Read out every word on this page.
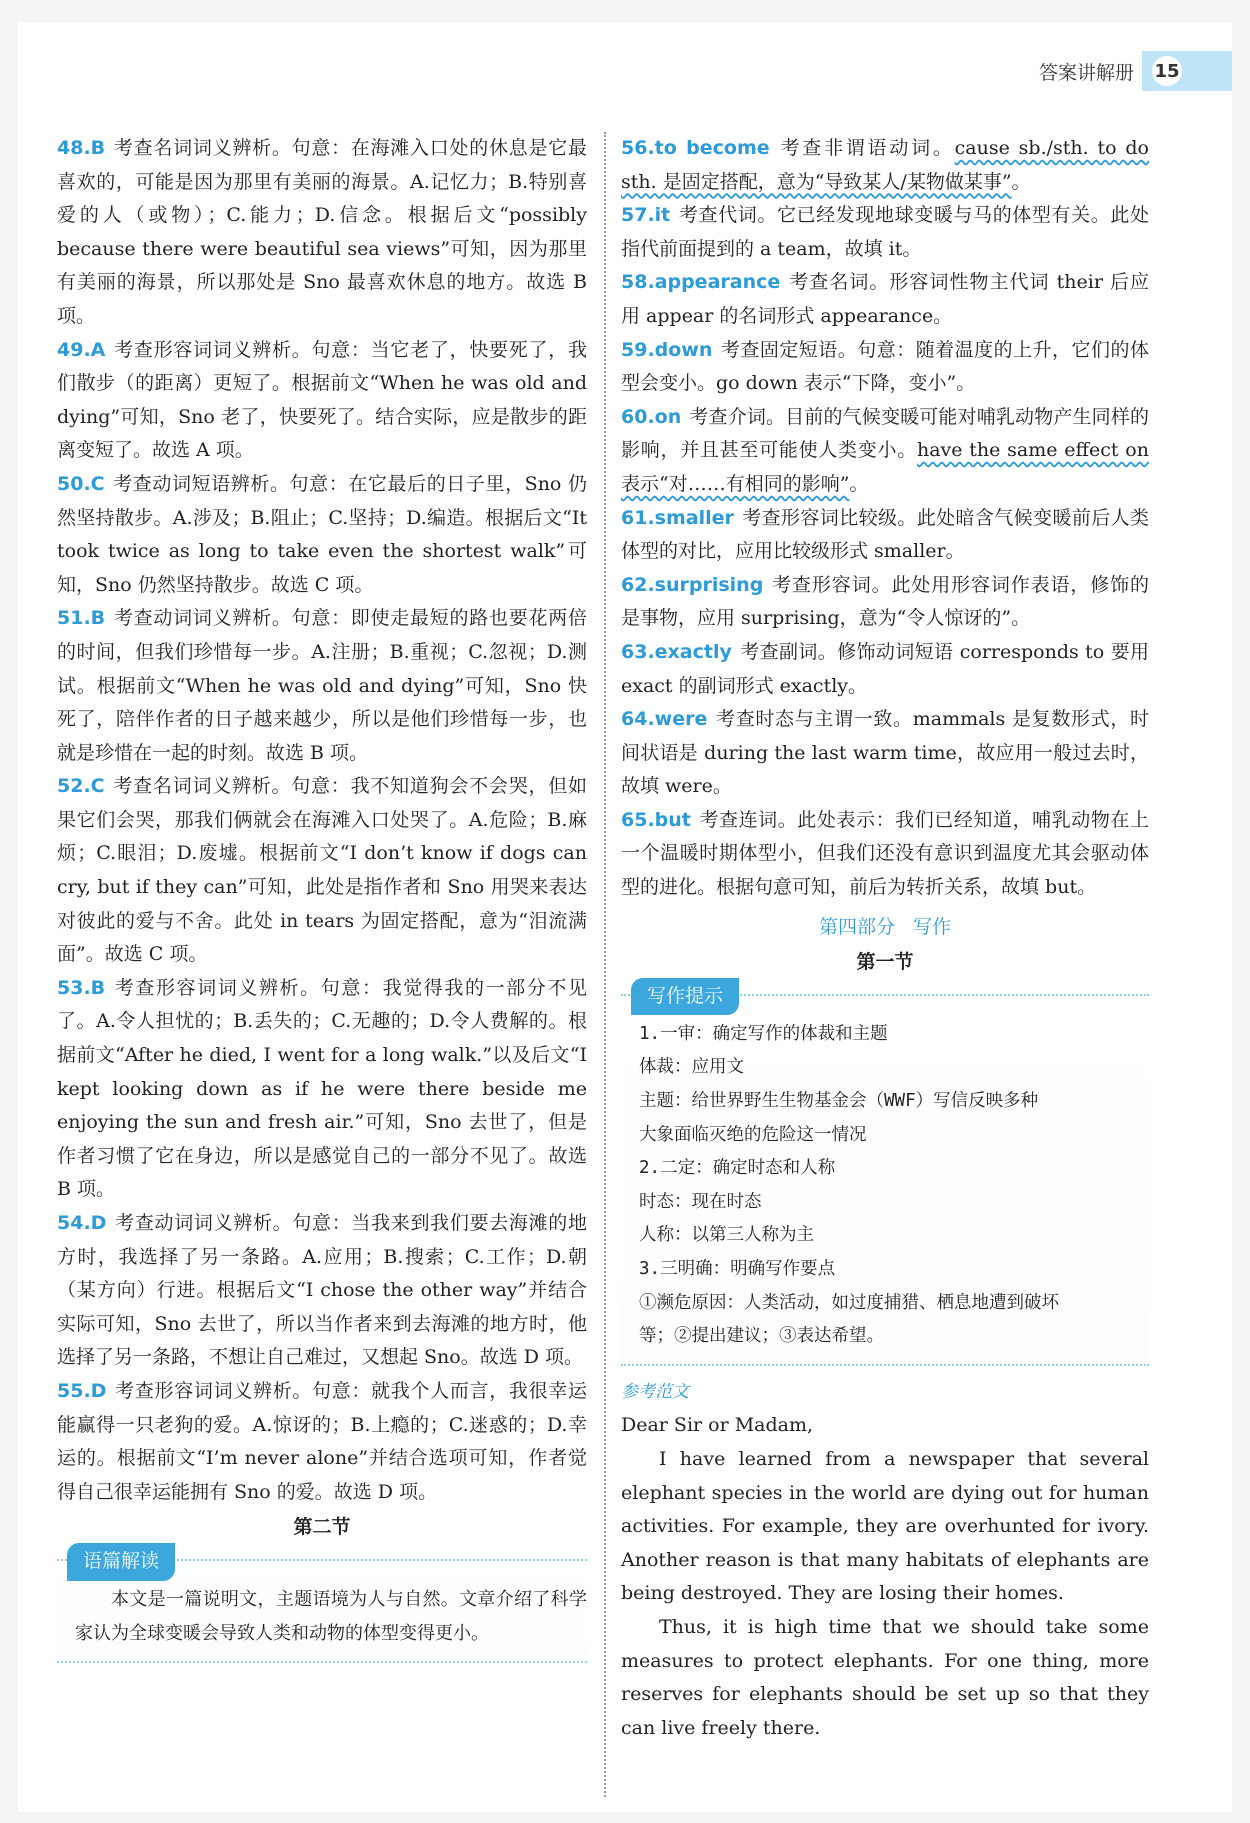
答案讲解册 15
48.B 考查名词词义辨析。句意：在海滩入口处的休息是它最喜欢的，可能是因为那里有美丽的海景。A.记忆力；B.特别喜爱的人（或物）；C.能力；D.信念。根据后文“possibly because there were beautiful sea views”可知，因为那里有美丽的海景，所以那处是 Sno 最喜欢休息的地方。故选 B 项。
49.A 考查形容词词义辨析。句意：当它老了，快要死了，我们散步（的距离）更短了。根据前文“When he was old and dying”可知，Sno 老了，快要死了。结合实际，应是散步的距离变短了。故选 A 项。
50.C 考查动词短语辨析。句意：在它最后的日子里，Sno 仍然坚持散步。A.涉及；B.阻止；C.坚持；D.编造。根据后文“It took twice as long to take even the shortest walk”可知，Sno 仍然坚持散步。故选 C 项。
51.B 考查动词词义辨析。句意：即使走最短的路也要花两倍的时间，但我们珍惜每一步。A.注册；B.重视；C.忽视；D.测试。根据前文“When he was old and dying”可知，Sno 快死了，陪伴作者的日子越来越少，所以是他们珍惜每一步，也就是珍惜在一起的时刻。故选 B 项。
52.C 考查名词词义辨析。句意：我不知道狗会不会哭，但如果它们会哭，那我们俩就会在海滩入口处哭了。A.危险；B.麻烦；C.眼泪；D.废墟。根据前文“I don’t know if dogs can cry, but if they can”可知，此处是指作者和 Sno 用哭来表达对彼此的爱与不舍。此处 in tears 为固定搭配，意为“泪流满面”。故选 C 项。
53.B 考查形容词词义辨析。句意：我觉得我的一部分不见了。A.令人担忧的；B.丢失的；C.无趣的；D.令人费解的。根据前文“After he died, I went for a long walk.”以及后文“I kept looking down as if he were there beside me enjoying the sun and fresh air.”可知，Sno 去世了，但是作者习惯了它在身边，所以是感觉自己的一部分不见了。故选 B 项。
54.D 考查动词词义辨析。句意：当我来到我们要去海滩的地方时，我选择了另一条路。A.应用；B.搜索；C.工作；D.朝（某方向）行进。根据后文“I chose the other way”并结合实际可知，Sno 去世了，所以当作者来到去海滩的地方时，他选择了另一条路，不想让自己难过，又想起 Sno。故选 D 项。
55.D 考查形容词词义辨析。句意：就我个人而言，我很幸运能赢得一只老狗的爱。A.惊讶的；B.上瘾的；C.迷惑的；D.幸运的。根据前文“I’m never alone”并结合选项可知，作者觉得自己很幸运能拥有 Sno 的爱。故选 D 项。
第二节
语篇解读
本文是一篇说明文，主题语境为人与自然。文章介绍了科学家认为全球变暖会导致人类和动物的体型变得更小。
56.to become 考查非谓语动词。cause sb./sth. to do sth. 是固定搭配，意为“导致某人/某物做某事”。
57.it 考查代词。它已经发现地球变暖与马的体型有关。此处指代前面提到的 a team，故填 it。
58.appearance 考查名词。形容词性物主代词 their 后应用 appear 的名词形式 appearance。
59.down 考查固定短语。句意：随着温度的上升，它们的体型会变小。go down 表示“下降，变小”。
60.on 考查介词。目前的气候变暖可能对哺乳动物产生同样的影响，并且甚至可能使人类变小。have the same effect on 表示“对……有相同的影响”。
61.smaller 考查形容词比较级。此处暗含气候变暖前后人类体型的对比，应用比较级形式 smaller。
62.surprising 考查形容词。此处用形容词作表语，修饰的是事物，应用 surprising，意为“令人惊讶的”。
63.exactly 考查副词。修饰动词短语 corresponds to 要用 exact 的副词形式 exactly。
64.were 考查时态与主谓一致。mammals 是复数形式，时间状语是 during the last warm time，故应用一般过去时，故填 were。
65.but 考查连词。此处表示：我们已经知道，哺乳动物在上一个温暖时期体型小，但我们还没有意识到温度尤其会驱动体型的进化。根据句意可知，前后为转折关系，故填 but。
第四部分 写作
第一节
写作提示
1.一审：确定写作的体裁和主题
体裁：应用文
主题：给世界野生生物基金会（WWF）写信反映多种
大象面临灭绝的危险这一情况
2.二定：确定时态和人称
时态：现在时态
人称：以第三人称为主
3.三明确：明确写作要点
①濒危原因：人类活动，如过度捕猎、栖息地遭到破坏
等；②提出建议；③表达希望。
参考范文
Dear Sir or Madam,
I have learned from a newspaper that several elephant species in the world are dying out for human activities. For example, they are overhunted for ivory. Another reason is that many habitats of elephants are being destroyed. They are losing their homes.
Thus, it is high time that we should take some measures to protect elephants. For one thing, more reserves for elephants should be set up so that they can live freely there.
